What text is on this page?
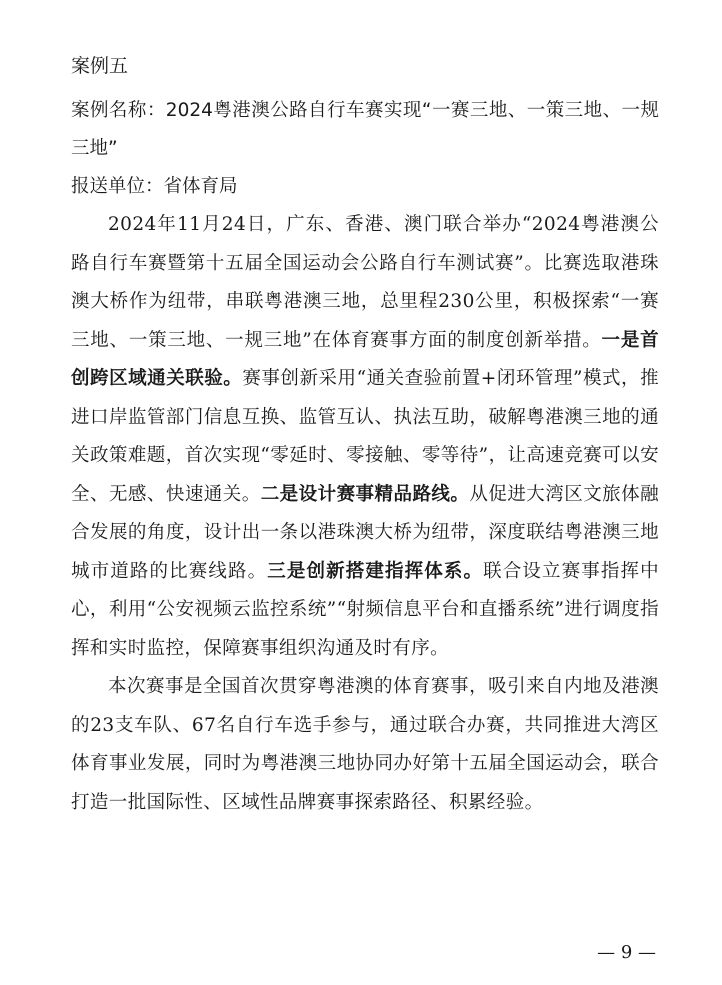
案例五

案例名称：2024粤港澳公路自行车赛实现“一赛三地、一策三地、一规三地”

报送单位：省体育局

2024年11月24日，广东、香港、澳门联合举办“2024粤港澳公路自行车赛暨第十五届全国运动会公路自行车测试赛”。比赛选取港珠澳大桥作为纽带，串联粤港澳三地，总里程230公里，积极探索“一赛三地、一策三地、一规三地”在体育赛事方面的制度创新举措。一是首创跨区域通关联验。赛事创新采用“通关查验前置+闭环管理”模式，推进口岸监管部门信息互换、监管互认、执法互助，破解粤港澳三地的通关政策难题，首次实现“零延时、零接触、零等待”，让高速竞赛可以安全、无感、快速通关。二是设计赛事精品路线。从促进大湾区文旅体融合发展的角度，设计出一条以港珠澳大桥为纽带，深度联结粤港澳三地城市道路的比赛线路。三是创新搭建指挥体系。联合设立赛事指挥中心，利用“公安视频云监控系统”“射频信息平台和直播系统”进行调度指挥和实时监控，保障赛事组织沟通及时有序。

本次赛事是全国首次贯穿粤港澳的体育赛事，吸引来自内地及港澳的23支车队、67名自行车选手参与，通过联合办赛，共同推进大湾区体育事业发展，同时为粤港澳三地协同办好第十五届全国运动会，联合打造一批国际性、区域性品牌赛事探索路径、积累经验。

— 9 —
